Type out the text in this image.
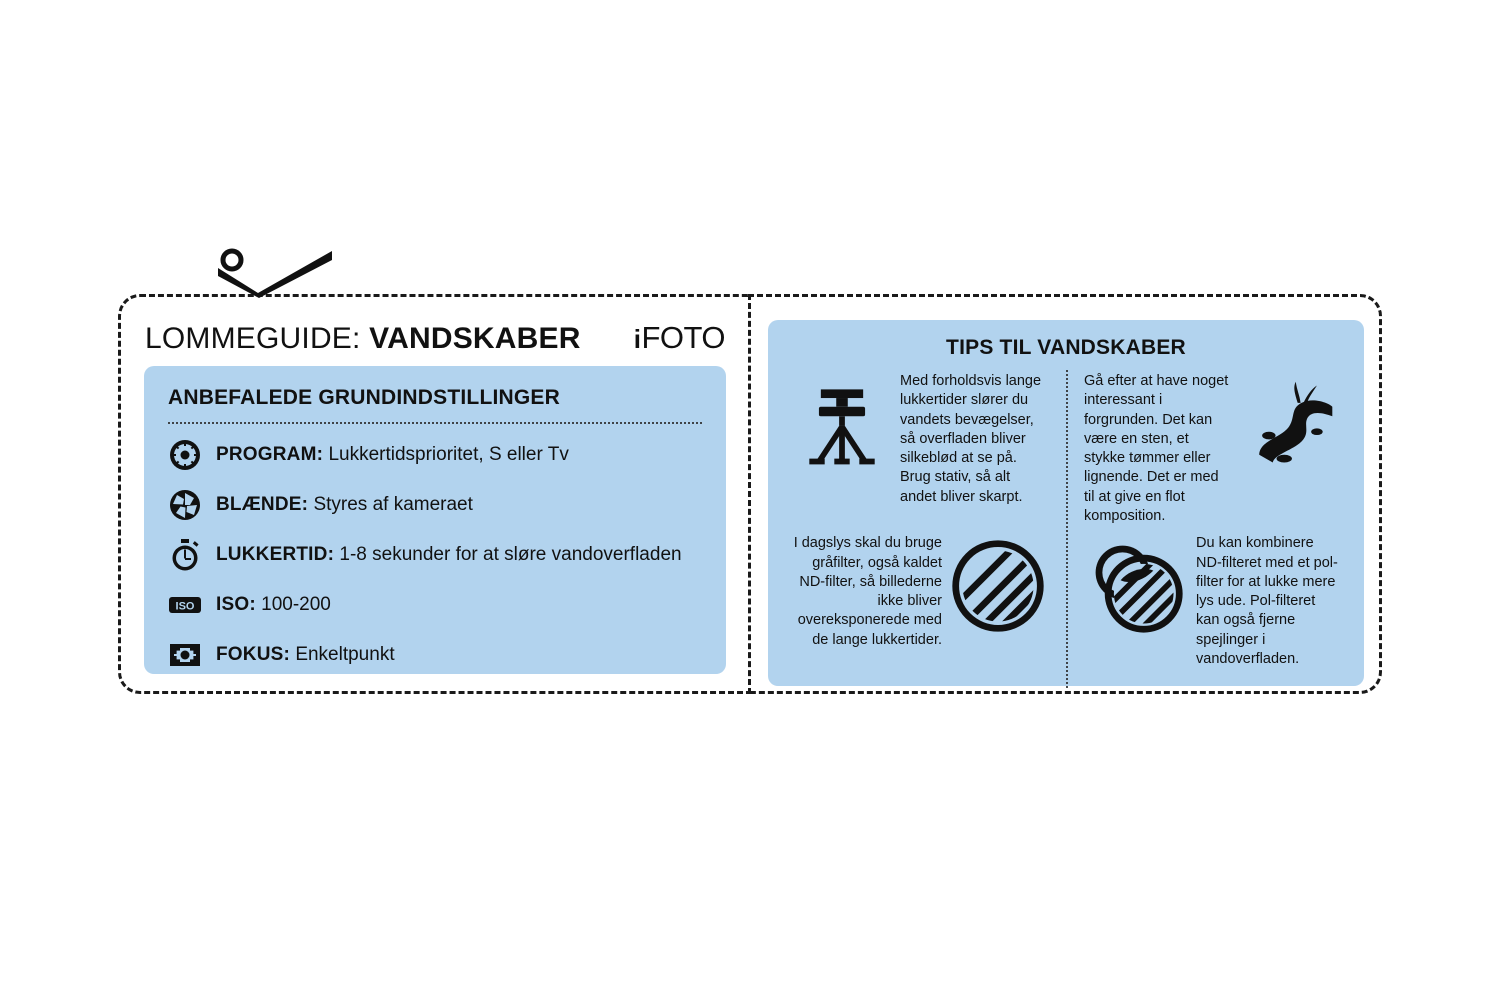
LOMMEGUIDE: VANDSKABER i FOTO
ANBEFALEDE GRUNDINDSTILLINGER
PROGRAM: Lukkertidsprioritet, S eller Tv
BLÆNDE: Styres af kameraet
LUKKERTID: 1-8 sekunder for at sløre vandoverfladen
ISO ISO: 100-200
FOKUS: Enkeltpunkt
TIPS TIL VANDSKABER
Med forholdsvis lange lukkertider slører du vandets bevægelser, så overfladen bliver silkeblød at se på. Brug stativ, så alt andet bliver skarpt.
Gå efter at have noget interessant i forgrunden. Det kan være en sten, et stykke tømmer eller lignende. Det er med til at give en flot komposition.
I dagslys skal du bruge gråfilter, også kaldet ND-filter, så billederne ikke bliver overeksponerede med de lange lukkertider.
Du kan kombinere ND-filteret med et pol-filter for at lukke mere lys ude. Pol-filteret kan også fjerne spejlinger i vandoverfladen.
